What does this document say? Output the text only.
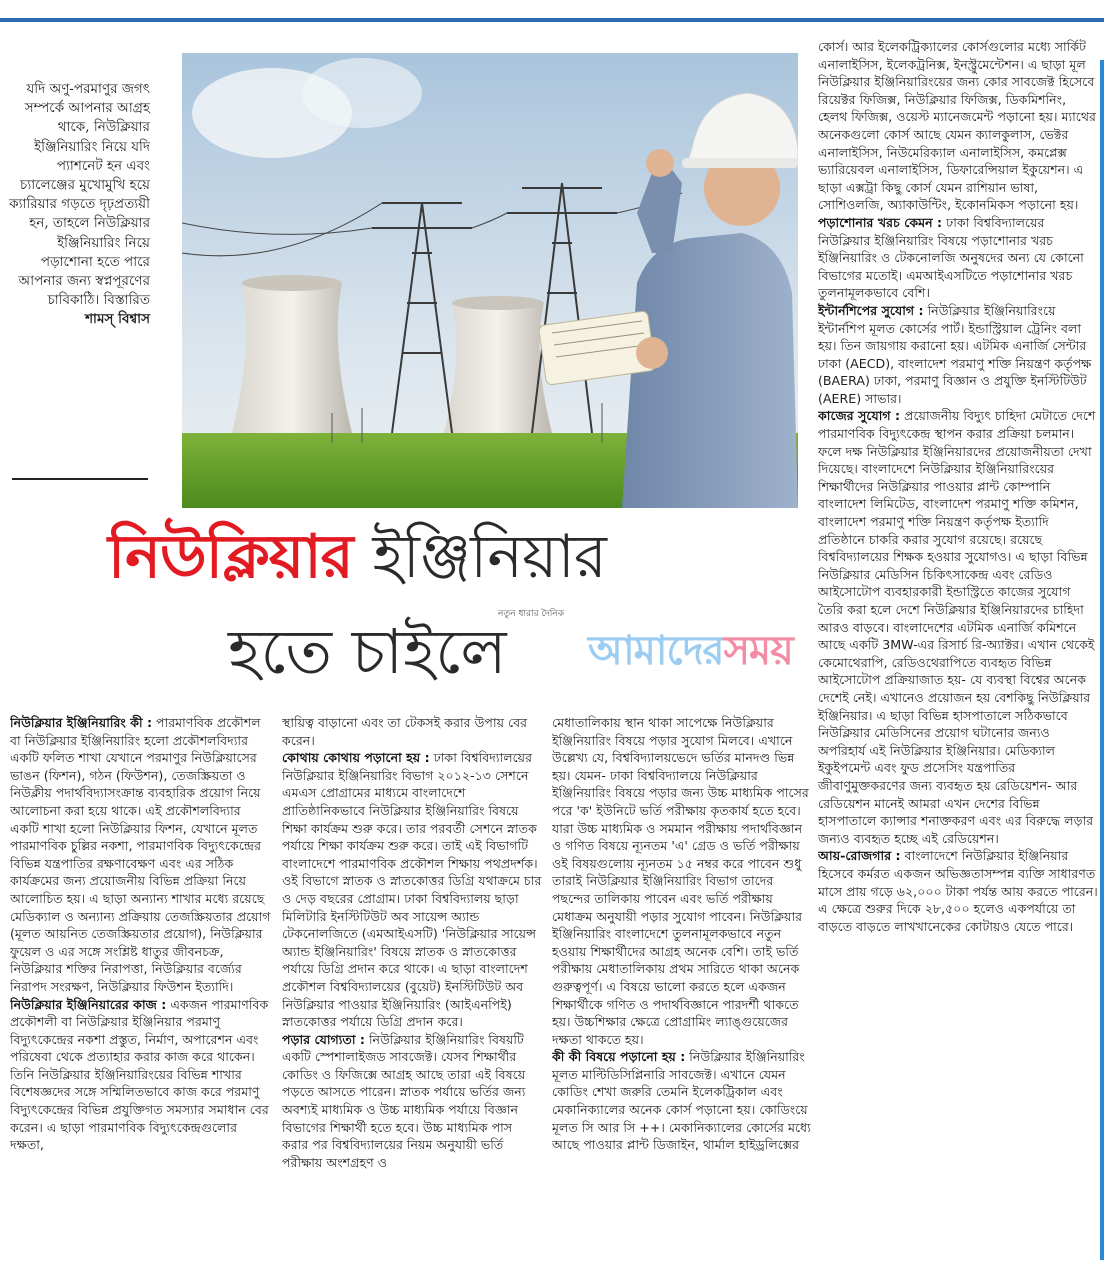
যদি অণু-পরমাণুর জগৎ সম্পর্কে আপনার আগ্রহ থাকে, নিউক্লিয়ার ইঞ্জিনিয়ারিং নিয়ে যদি প্যাশনেট হন এবং চ্যালেঞ্জের মুখোমুখি হয়ে ক্যারিয়ার গড়তে দৃঢ়প্রত্যয়ী হন, তাহলে নিউক্লিয়ার ইঞ্জিনিয়ারিং নিয়ে পড়াশোনা হতে পারে আপনার জন্য স্বপ্নপূরণের চাবিকাঠি। বিস্তারিত
শামস্ বিশ্বাস
নিউক্লিয়ার ইঞ্জিনিয়ার
নতুন ধারার দৈনিক
হতে চাইলে আমাদেরসময়

নিউক্লিয়ার ইঞ্জিনিয়ারিং কী : পারমাণবিক প্রকৌশল বা নিউক্লিয়ার ইঞ্জিনিয়ারিং হলো প্রকৌশলবিদ্যার একটি ফলিত শাখা যেখানে পরমাণুর নিউক্লিয়াসের ভাঙন (ফিশন), গঠন (ফিউশন), তেজস্ক্রিয়তা ও নিউক্লীয় পদার্থবিদ্যাসংক্রান্ত ব্যবহারিক প্রয়োগ নিয়ে আলোচনা করা হয়ে থাকে। এই প্রকৌশলবিদ্যার একটি শাখা হলো নিউক্লিয়ার ফিশন, যেখানে মূলত পারমাণবিক চুল্লির নকশা, পারমাণবিক বিদ্যুৎকেন্দ্রের বিভিন্ন যন্ত্রপাতির রক্ষণাবেক্ষণ এবং এর সঠিক কার্যক্রমের জন্য প্রয়োজনীয় বিভিন্ন প্রক্রিয়া নিয়ে আলোচিত হয়। এ ছাড়া অন্যান্য শাখার মধ্যে রয়েছে মেডিক্যাল ও অন্যান্য প্রক্রিয়ায় তেজস্ক্রিয়তার প্রয়োগ (মূলত আয়নিত তেজস্ক্রিয়তার প্রয়োগ), নিউক্লিয়ার ফুয়েল ও এর সঙ্গে সংশ্লিষ্ট ধাতুর জীবনচক্র, নিউক্লিয়ার শক্তির নিরাপত্তা, নিউক্লিয়ার বর্জ্যের নিরাপদ সংরক্ষণ, নিউক্লিয়ার ফিউশন ইত্যাদি।

নিউক্লিয়ার ইঞ্জিনিয়ারের কাজ : একজন পারমাণবিক প্রকৌশলী বা নিউক্লিয়ার ইঞ্জিনিয়ার পরমাণু বিদ্যুৎকেন্দ্রের নকশা প্রস্তুত, নির্মাণ, অপারেশন এবং পরিষেবা থেকে প্রত্যাহার করার কাজ করে থাকেন। তিনি নিউক্লিয়ার ইঞ্জিনিয়ারিংয়ের বিভিন্ন শাখার বিশেষজ্ঞদের সঙ্গে সম্মিলিতভাবে কাজ করে পরমাণু বিদ্যুৎকেন্দ্রের বিভিন্ন প্রযুক্তিগত সমস্যার সমাধান বের করেন। এ ছাড়া পারমাণবিক বিদ্যুৎকেন্দ্রগুলোর দক্ষতা,

স্থায়িত্ব বাড়ানো এবং তা টেকসই করার উপায় বের করেন।

কোথায় কোথায় পড়ানো হয় : ঢাকা বিশ্ববিদ্যালয়ের নিউক্লিয়ার ইঞ্জিনিয়ারিং বিভাগ ২০১২-১৩ সেশনে এমএস প্রোগ্রামের মাধ্যমে বাংলাদেশে প্রাতিষ্ঠানিকভাবে নিউক্লিয়ার ইঞ্জিনিয়ারিং বিষয়ে শিক্ষা কার্যক্রম শুরু করে। তার পরবর্তী সেশনে স্নাতক পর্যায়ে শিক্ষা কার্যক্রম শুরু করে। তাই এই বিভাগটি বাংলাদেশে পারমাণবিক প্রকৌশল শিক্ষায় পথপ্রদর্শক। ওই বিভাগে স্নাতক ও স্নাতকোত্তর ডিগ্রি যথাক্রমে চার ও দেড় বছরের প্রোগ্রাম। ঢাকা বিশ্ববিদ্যালয় ছাড়া মিলিটারি ইনস্টিটিউট অব সায়েন্স অ্যান্ড টেকনোলজিতে (এমআইএসটি) 'নিউক্লিয়ার সায়েন্স অ্যান্ড ইঞ্জিনিয়ারিং' বিষয়ে স্নাতক ও স্নাতকোত্তর পর্যায়ে ডিগ্রি প্রদান করে থাকে। এ ছাড়া বাংলাদেশ প্রকৌশল বিশ্ববিদ্যালয়ের (বুয়েট) ইনস্টিটিউট অব নিউক্লিয়ার পাওয়ার ইঞ্জিনিয়ারিং (আইএনপিই) স্নাতকোত্তর পর্যায়ে ডিগ্রি প্রদান করে।

পড়ার যোগ্যতা : নিউক্লিয়ার ইঞ্জিনিয়ারিং বিষয়টি একটি স্পেশালাইজড সাবজেক্ট। যেসব শিক্ষার্থীর কোডিং ও ফিজিক্সে আগ্রহ আছে তারা এই বিষয়ে পড়তে আসতে পারেন। স্নাতক পর্যায়ে ভর্তির জন্য অবশ্যই মাধ্যমিক ও উচ্চ মাধ্যমিক পর্যায়ে বিজ্ঞান বিভাগের শিক্ষার্থী হতে হবে। উচ্চ মাধ্যমিক পাস করার পর বিশ্ববিদ্যালয়ের নিয়ম অনুযায়ী ভর্তি পরীক্ষায় অংশগ্রহণ ও

মেধাতালিকায় স্থান থাকা সাপেক্ষে নিউক্লিয়ার ইঞ্জিনিয়ারিং বিষয়ে পড়ার সুযোগ মিলবে। এখানে উল্লেখ্য যে, বিশ্ববিদ্যালয়ভেদে ভর্তির মানদণ্ড ভিন্ন হয়। যেমন- ঢাকা বিশ্ববিদ্যালয়ে নিউক্লিয়ার ইঞ্জিনিয়ারিং বিষয়ে পড়ার জন্য উচ্চ মাধ্যমিক পাসের পরে 'ক' ইউনিটে ভর্তি পরীক্ষায় কৃতকার্য হতে হবে। যারা উচ্চ মাধ্যমিক ও সমমান পরীক্ষায় পদার্থবিজ্ঞান ও গণিত বিষয়ে ন্যূনতম 'এ' গ্রেড ও ভর্তি পরীক্ষায় ওই বিষয়গুলোয় ন্যূনতম ১৫ নম্বর করে পাবেন শুধু তারাই নিউক্লিয়ার ইঞ্জিনিয়ারিং বিভাগ তাদের পছন্দের তালিকায় পাবেন এবং ভর্তি পরীক্ষায় মেধাক্রম অনুযায়ী পড়ার সুযোগ পাবেন। নিউক্লিয়ার ইঞ্জিনিয়ারিং বাংলাদেশে তুলনামূলকভাবে নতুন হওয়ায় শিক্ষার্থীদের আগ্রহ অনেক বেশি। তাই ভর্তি পরীক্ষায় মেধাতালিকায় প্রথম সারিতে থাকা অনেক গুরুত্বপূর্ণ। এ বিষয়ে ভালো করতে হলে একজন শিক্ষার্থীকে গণিত ও পদার্থবিজ্ঞানে পারদর্শী থাকতে হয়। উচ্চশিক্ষার ক্ষেত্রে প্রোগ্রামিং ল্যাঙ্গুয়েজের দক্ষতা থাকতে হয়।

কী কী বিষয়ে পড়ানো হয় : নিউক্লিয়ার ইঞ্জিনিয়ারিং মূলত মাল্টিডিসিপ্লিনারি সাবজেক্ট। এখানে যেমন কোডিং শেখা জরুরি তেমনি ইলেকট্রিকাল এবং মেকানিক্যালের অনেক কোর্স পড়ানো হয়। কোডিংয়ে মূলত সি আর সি ++। মেকানিক্যালের কোর্সের মধ্যে আছে পাওয়ার প্লান্ট ডিজাইন, থার্মাল হাইড্রলিক্সের

কোর্স। আর ইলেকট্রিক্যালের কোর্সগুলোর মধ্যে সার্কিট এনালাইসিস, ইলেকট্রনিক্স, ইনস্ট্রুমেন্টেশন। এ ছাড়া মূল নিউক্লিয়ার ইঞ্জিনিয়ারিংয়ের জন্য কোর সাবজেক্ট হিসেবে রিয়েক্টর ফিজিক্স, নিউক্লিয়ার ফিজিক্স, ডিকমিশনিং, হেলথ ফিজিক্স, ওয়েস্ট ম্যানেজমেন্ট পড়ানো হয়। ম্যাথের অনেকগুলো কোর্স আছে যেমন ক্যালকুলাস, ভেক্টর এনালাইসিস, নিউমেরিক্যাল এনালাইসিস, কমপ্লেক্স ভ্যারিয়েবল এনালাইসিস, ডিফারেন্সিয়াল ইকুয়েশন। এ ছাড়া এক্সট্রা কিছু কোর্স যেমন রাশিয়ান ভাষা, সোশিওলজি, অ্যাকাউন্টিং, ইকোনমিকস পড়ানো হয়।

পড়াশোনার খরচ কেমন : ঢাকা বিশ্ববিদ্যালয়ের নিউক্লিয়ার ইঞ্জিনিয়ারিং বিষয়ে পড়াশোনার খরচ ইঞ্জিনিয়ারিং ও টেকনোলজি অনুষদের অন্য যে কোনো বিভাগের মতোই। এমআইএসটিতে পড়াশোনার খরচ তুলনামূলকভাবে বেশি।

ইন্টার্নশিপের সুযোগ : নিউক্লিয়ার ইঞ্জিনিয়ারিংয়ে ইন্টার্নশিপ মূলত কোর্সের পার্ট। ইন্ডাস্ট্রিয়াল ট্রেনিং বলা হয়। তিন জায়গায় করানো হয়। এটমিক এনার্জি সেন্টার ঢাকা (AECD), বাংলাদেশ পরমাণু শক্তি নিয়ন্ত্রণ কর্তৃপক্ষ (BAERA) ঢাকা, পরমাণু বিজ্ঞান ও প্রযুক্তি ইনস্টিটিউট (AERE) সাভার।

কাজের সুযোগ : প্রয়োজনীয় বিদ্যুৎ চাহিদা মেটাতে দেশে পারমাণবিক বিদ্যুৎকেন্দ্র স্থাপন করার প্রক্রিয়া চলমান। ফলে দক্ষ নিউক্লিয়ার ইঞ্জিনিয়ারদের প্রয়োজনীয়তা দেখা দিয়েছে। বাংলাদেশে নিউক্লিয়ার ইঞ্জিনিয়ারিংয়ের শিক্ষার্থীদের নিউক্লিয়ার পাওয়ার প্লান্ট কোম্পানি বাংলাদেশ লিমিটেড, বাংলাদেশ পরমাণু শক্তি কমিশন, বাংলাদেশ পরমাণু শক্তি নিয়ন্ত্রণ কর্তৃপক্ষ ইত্যাদি প্রতিষ্ঠানে চাকরি করার সুযোগ রয়েছে। রয়েছে বিশ্ববিদ্যালয়ের শিক্ষক হওয়ার সুযোগও। এ ছাড়া বিভিন্ন নিউক্লিয়ার মেডিসিন চিকিৎসাকেন্দ্র এবং রেডিও আইসোটোপ ব্যবহারকারী ইন্ডাস্ট্রিতে কাজের সুযোগ তৈরি করা হলে দেশে নিউক্লিয়ার ইঞ্জিনিয়ারদের চাহিদা আরও বাড়বে। বাংলাদেশের এটমিক এনার্জি কমিশনে আছে একটি 3MW-এর রিসার্চ রি-অ্যাক্টর। এখান থেকেই কেমোথেরাপি, রেডিওথেরাপিতে ব্যবহৃত বিভিন্ন আইসোটোপ প্রক্রিয়াজাত হয়- যে ব্যবস্থা বিশ্বের অনেক দেশেই নেই। এখানেও প্রয়োজন হয় বেশকিছু নিউক্লিয়ার ইঞ্জিনিয়ার। এ ছাড়া বিভিন্ন হাসপাতালে সঠিকভাবে নিউক্লিয়ার মেডিসিনের প্রয়োগ ঘটানোর জন্যও অপরিহার্য এই নিউক্লিয়ার ইঞ্জিনিয়ার। মেডিক্যাল ইকুইপমেন্ট এবং ফুড প্রসেসিং যন্ত্রপাতির জীবাণুমুক্তকরণের জন্য ব্যবহৃত হয় রেডিয়েশন- আর রেডিয়েশন মানেই আমরা এখন দেশের বিভিন্ন হাসপাতালে ক্যান্সার শনাক্তকরণ এবং এর বিরুদ্ধে লড়ার জন্যও ব্যবহৃত হচ্ছে এই রেডিয়েশন।

আয়-রোজগার : বাংলাদেশে নিউক্লিয়ার ইঞ্জিনিয়ার হিসেবে কর্মরত একজন অভিজ্ঞতাসম্পন্ন ব্যক্তি সাধারণত মাসে প্রায় গড়ে ৬২,০০০ টাকা পর্যন্ত আয় করতে পারেন। এ ক্ষেত্রে শুরুর দিকে ২৮,৫০০ হলেও একপর্যায়ে তা বাড়তে বাড়তে লাখখানেকের কোটায়ও যেতে পারে।
